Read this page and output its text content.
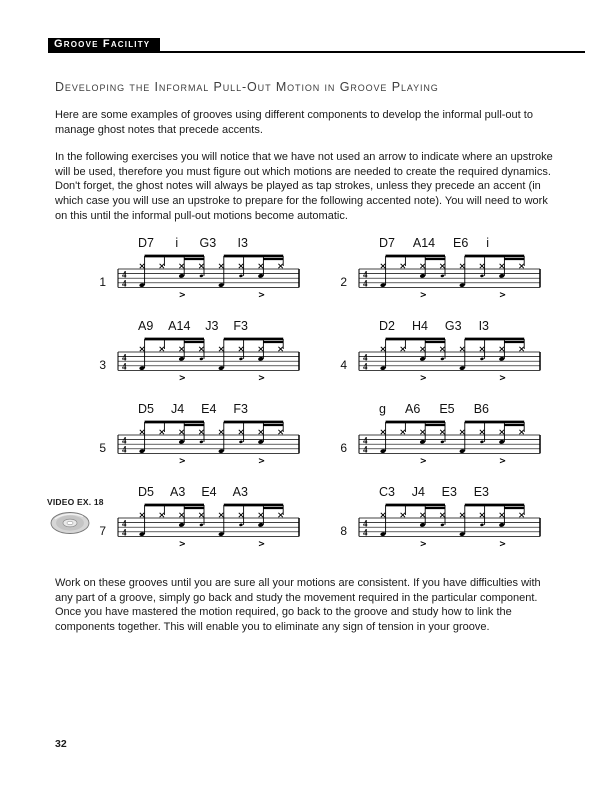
Groove Facility
Developing the Informal Pull-Out Motion in Groove Playing

Here are some examples of grooves using different components to develop the informal pull-out to manage ghost notes that precede accents.

In the following exercises you will notice that we have not used an arrow to indicate where an upstroke will be used, therefore you must figure out which motions are needed to create the required dynamics. Don't forget, the ghost notes will always be played as tap strokes, unless they precede an accent (in which case you will use an upstroke to prepare for the following accented note). You will need to work on this until the informal pull-out motions become automatic.

D7 i G3 I3
1
4
4
>	>
D7 A14 E6 i
2
4
4
>	>
A9 A14 J3 F3
3
4
4
>	>
D2 H4 G3 I3
4
4
4
>	>
D5 J4 E4 F3
5
4
4
>	>
g A6 E5 B6
6
4
4
>	>
D5 A3 E4 A3
7
4
4
>	>
C3 J4 E3 E3
8
4
4
>	>
VIDEO EX. 18

Work on these grooves until you are sure all your motions are consistent. If you have difficulties with any part of a groove, simply go back and study the movement required in the particular component. Once you have mastered the motion required, go back to the groove and study how to link the components together. This will enable you to eliminate any sign of tension in your groove.

32
